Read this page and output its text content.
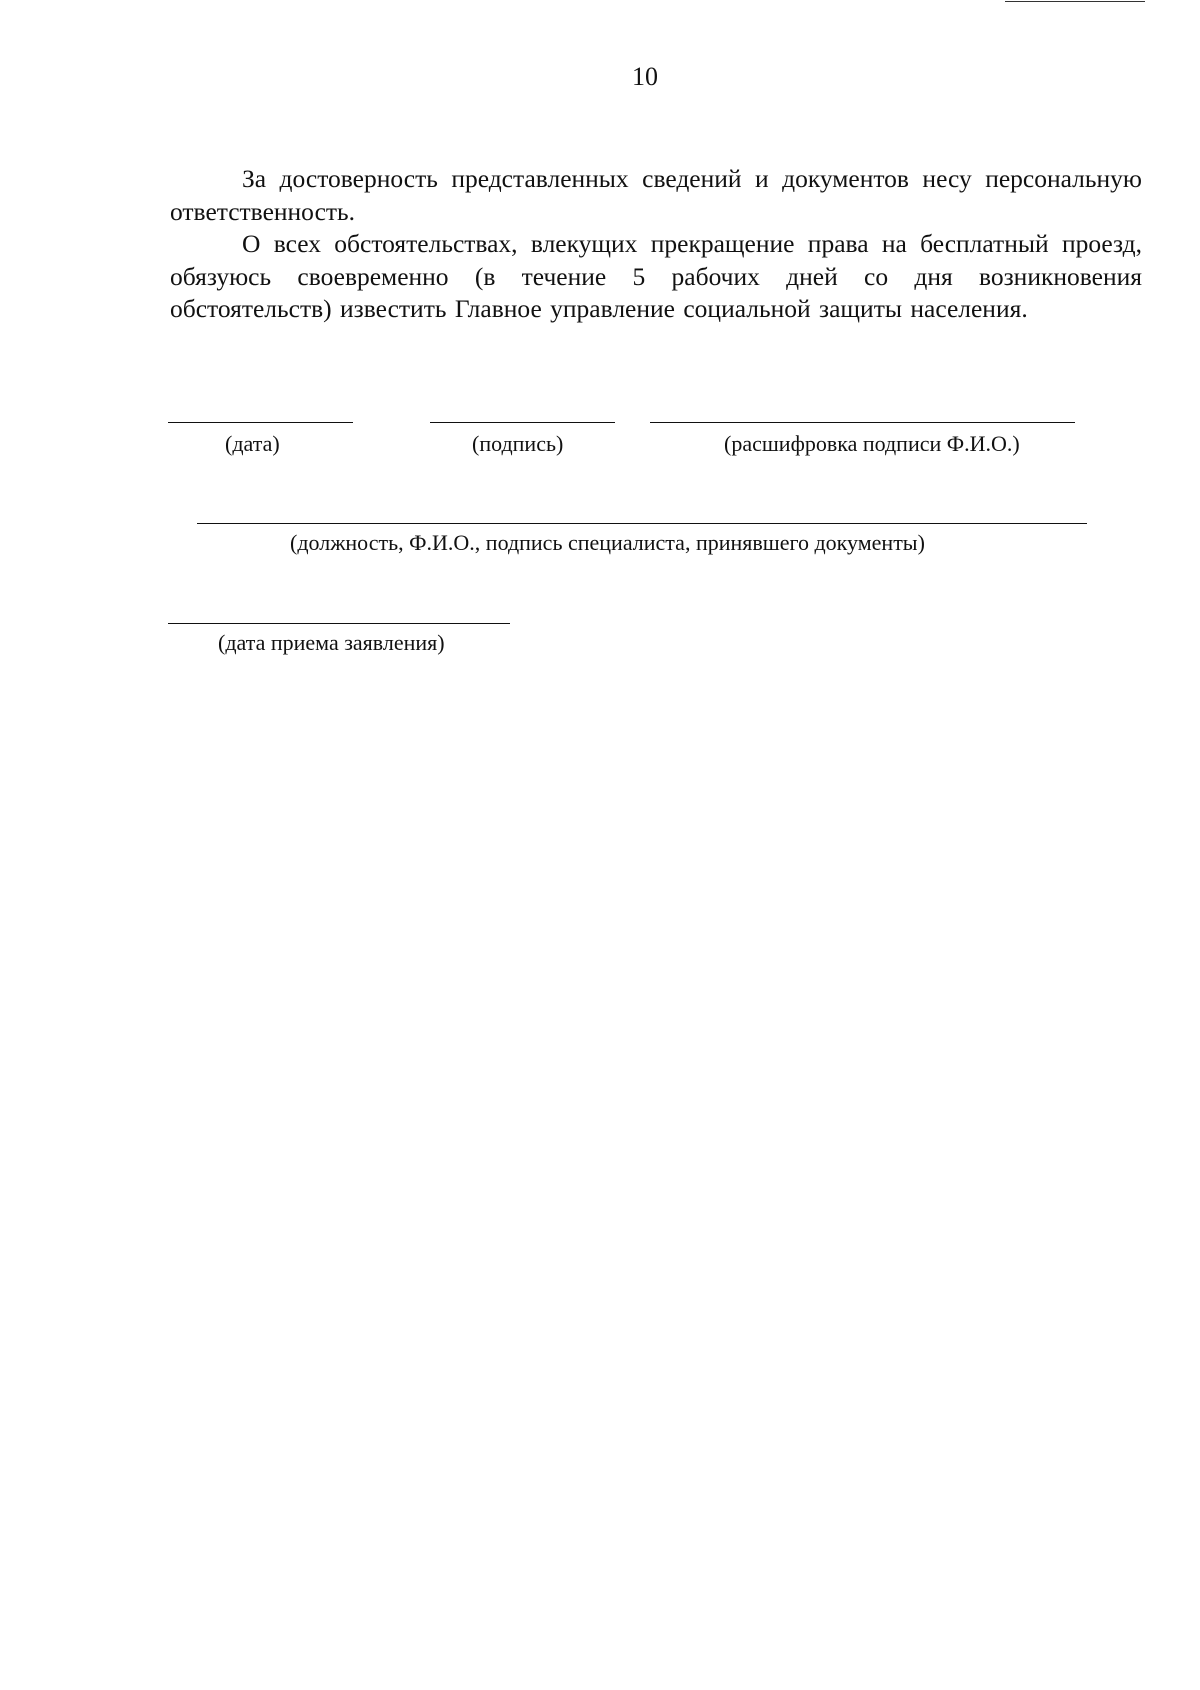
10

За достоверность представленных сведений и документов несу персональную ответственность.

О всех обстоятельствах, влекущих прекращение права на бесплатный проезд, обязуюсь своевременно (в течение 5 рабочих дней со дня возникновения обстоятельств) известить Главное управление социальной защиты населения.

(дата)	(подпись)	(расшифровка подписи Ф.И.О.)
(должность, Ф.И.О., подпись специалиста, принявшего документы)
(дата приема заявления)
